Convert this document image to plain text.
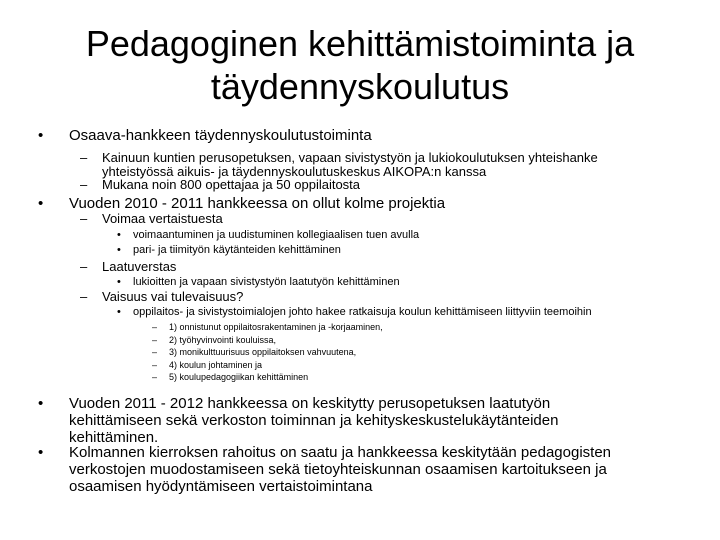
Pedagoginen kehittämistoiminta ja
täydennyskoulutus
• Osaava-hankkeen täydennyskoulutustoiminta
– Kainuun kuntien perusopetuksen, vapaan sivistystyön ja lukiokoulutuksen yhteishanke
yhteistyössä aikuis- ja täydennyskoulutuskeskus AIKOPA:n kanssa
– Mukana noin 800 opettajaa ja 50 oppilaitosta
• Vuoden 2010 - 2011 hankkeessa on ollut kolme projektia
– Voimaa vertaistuesta
• voimaantuminen ja uudistuminen kollegiaalisen tuen avulla
• pari- ja tiimityön käytänteiden kehittäminen
– Laatuverstas
• lukioitten ja vapaan sivistystyön laatutyön kehittäminen
– Vaisuus vai tulevaisuus?
• oppilaitos- ja sivistystoimialojen johto hakee ratkaisuja koulun kehittämiseen liittyviin teemoihin
–
–
–
–
–
1) onnistunut oppilaitosrakentaminen ja -korjaaminen,
2) työhyvinvointi kouluissa,
3) monikulttuurisuus oppilaitoksen vahvuutena,
4) koulun johtaminen ja
5) koulupedagogiikan kehittäminen
• Vuoden 2011 - 2012 hankkeessa on keskitytty perusopetuksen laatutyön
kehittämiseen sekä verkoston toiminnan ja kehityskeskustelukäytänteiden
kehittäminen.
• Kolmannen kierroksen rahoitus on saatu ja hankkeessa keskitytään pedagogisten
verkostojen muodostamiseen sekä tietoyhteiskunnan osaamisen kartoitukseen ja
osaamisen hyödyntämiseen vertaistoimintana
